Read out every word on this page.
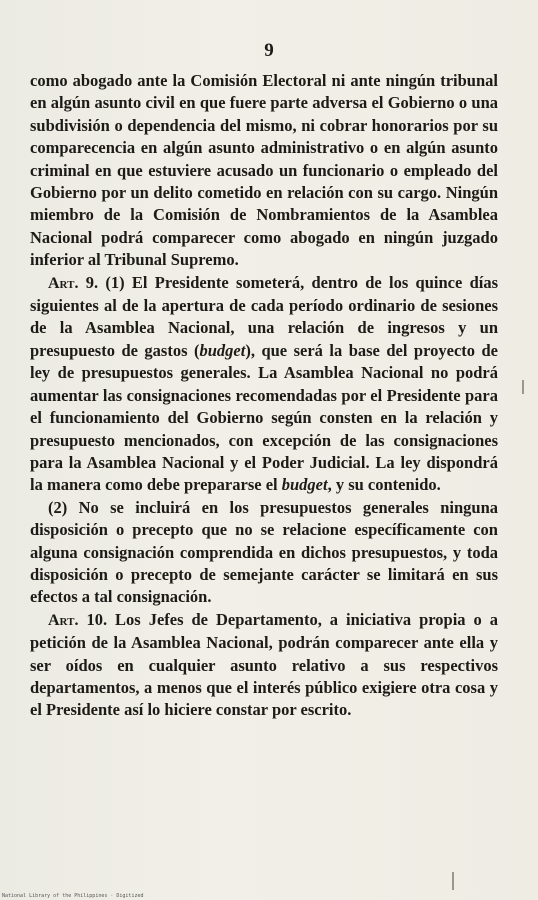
9

como abogado ante la Comisión Electoral ni ante ningún tribunal en algún asunto civil en que fuere parte adversa el Gobierno o una subdivisión o dependencia del mismo, ni cobrar honorarios por su comparecencia en algún asunto administrativo o en algún asunto criminal en que estuviere acusado un funcionario o empleado del Gobierno por un delito cometido en relación con su cargo. Ningún miembro de la Comisión de Nombramientos de la Asamblea Nacional podrá comparecer como abogado en ningún juzgado inferior al Tribunal Supremo.

Art. 9. (1) El Presidente someterá, dentro de los quince días siguientes al de la apertura de cada período ordinario de sesiones de la Asamblea Nacional, una relación de ingresos y un presupuesto de gastos (budget), que será la base del proyecto de ley de presupuestos generales. La Asamblea Nacional no podrá aumentar las consignaciones recomendadas por el Presidente para el funcionamiento del Gobierno según consten en la relación y presupuesto mencionados, con excepción de las consignaciones para la Asamblea Nacional y el Poder Judicial. La ley dispondrá la manera como debe prepararse el budget, y su contenido.

(2) No se incluirá en los presupuestos generales ninguna disposición o precepto que no se relacione específicamente con alguna consignación comprendida en dichos presupuestos, y toda disposición o precepto de semejante carácter se limitará en sus efectos a tal consignación.

Art. 10. Los Jefes de Departamento, a iniciativa propia o a petición de la Asamblea Nacional, podrán comparecer ante ella y ser oídos en cualquier asunto relativo a sus respectivos departamentos, a menos que el interés público exigiere otra cosa y el Presidente así lo hiciere constar por escrito.

National Library of the Philippines · Digitized
